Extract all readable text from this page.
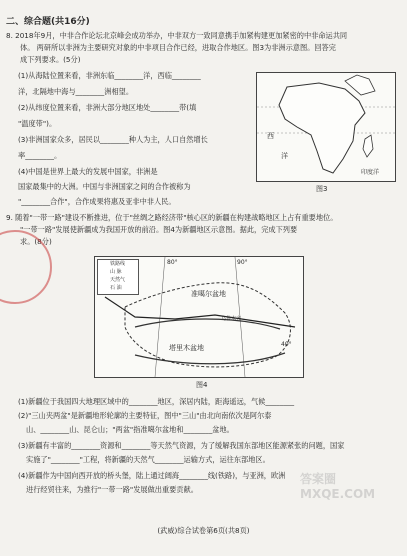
二、综合题(共16分)
8. 2018年9月，中非合作论坛北京峰会成功举办，中非双方一致同意携手加紧构建更加紧密的中非命运共同
体。 两研所以非洲为主要研究对象的中非项目合作已经，进取合作地区。图3为非洲示意图。回答完
成下列要求。(5分)
(1)从海陆位置来看，非洲东临________洋，西临________
洋，北隔地中海与________洲相望。
(2)从纬度位置来看，非洲大部分地区地处________带(填
"温度带")。
(3)非洲国家众多，居民以________种人为主，人口自然增长
率________。
(4)中国是世界上最大的发展中国家，非洲是
国家最集中的大洲。中国与非洲国家之间的合作被称为
"________合作"，合作成果将惠及亚非中非人民。
西
洋
印度洋
图3
9. 随着"一带一路"建设不断推进，位于"丝绸之路经济带"核心区的新疆在构建战略地区上占有重要地位。
"一带一路"发展使新疆成为我国开放的前沿。图4为新疆地区示意图。据此，完成下列要
求。(8分)
铁路线
山 脉
天然气
石 油
80°	90°
40°
准噶尔盆地
塔里木盆地
乌鲁木齐
图4
(1)新疆位于我国四大地理区域中的________地区，深居内陆，距海遥远，气候________
(2)"三山夹两盆"是新疆地形轮廓的主要特征，图中"三山"由北向南依次是阿尔泰
山、________山、昆仑山；"两盆"指准噶尔盆地和________盆地。
(3)新疆有丰富的________资源和________等天然气资源，为了缓解我国东部地区能源紧张的问题，国家
实施了"________"工程，将新疆的天然气________运输方式，运往东部地区。
(4)新疆作为中国向西开放的桥头堡，陆上通过阔海________线(铁路)，与亚洲，欧洲
进行经贸往来，为推行"一带一路"发展做出重要贡献。
(武威)综合试卷第6页(共8页)
答案圈 MXQE.COM
